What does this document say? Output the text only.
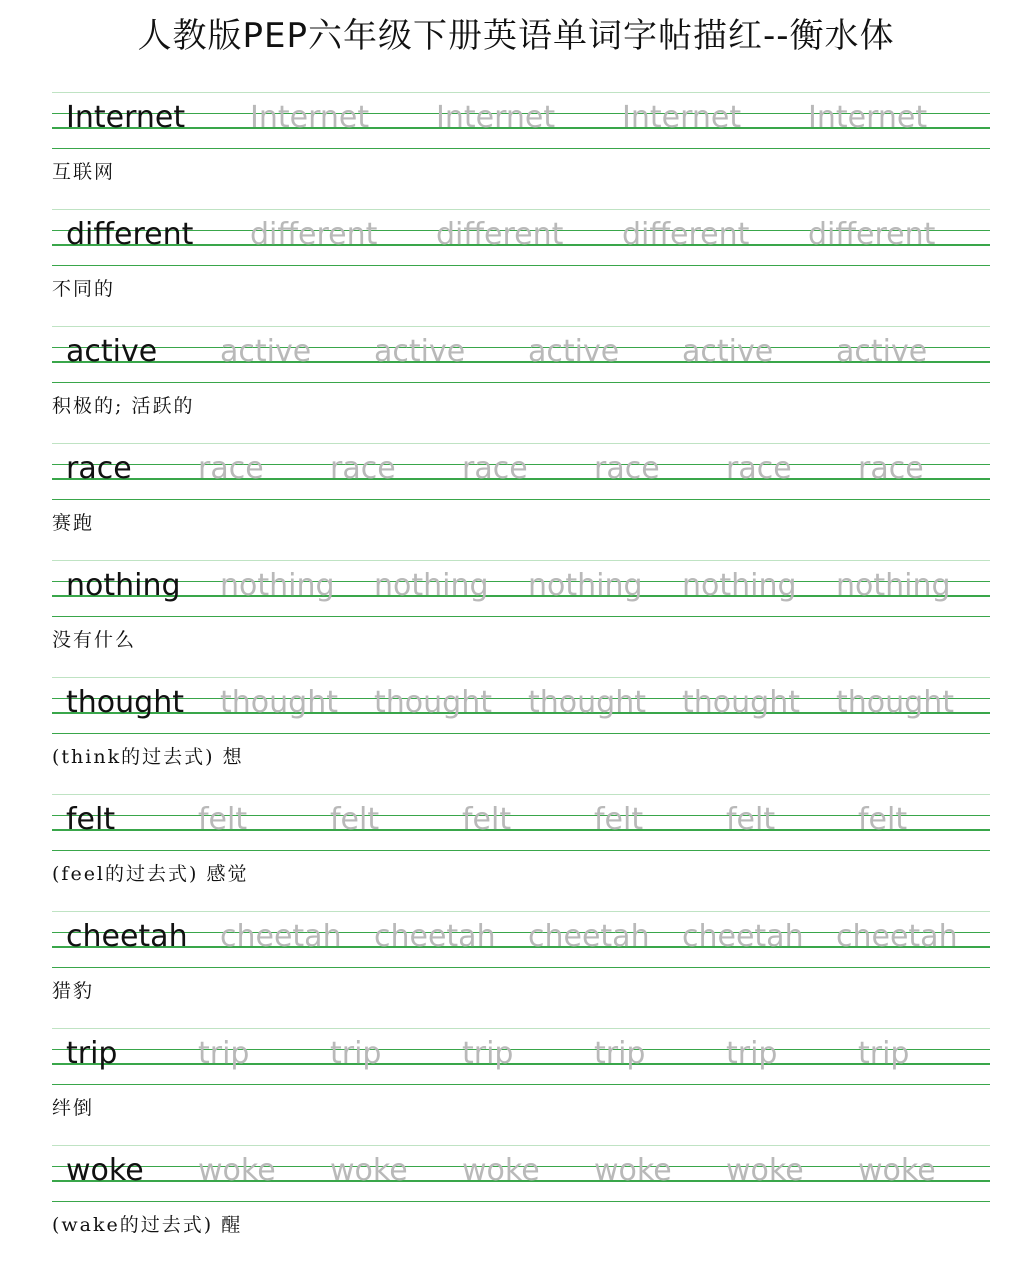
人教版PEP六年级下册英语单词字帖描红--衡水体
Internet Internet Internet Internet Internet
互联网
different different different different different
不同的
active active active active active active
积极的; 活跃的
race race race race race race race
赛跑
nothing nothing nothing nothing nothing nothing
没有什么
thought thought thought thought thought thought
(think的过去式) 想
felt	felt	felt	felt	felt	felt	felt
(feel的过去式) 感觉
cheetah cheetah cheetah cheetah cheetah cheetah
猎豹
trip	trip	trip	trip	trip	trip	trip
绊倒
woke woke woke woke woke woke woke
(wake的过去式) 醒
